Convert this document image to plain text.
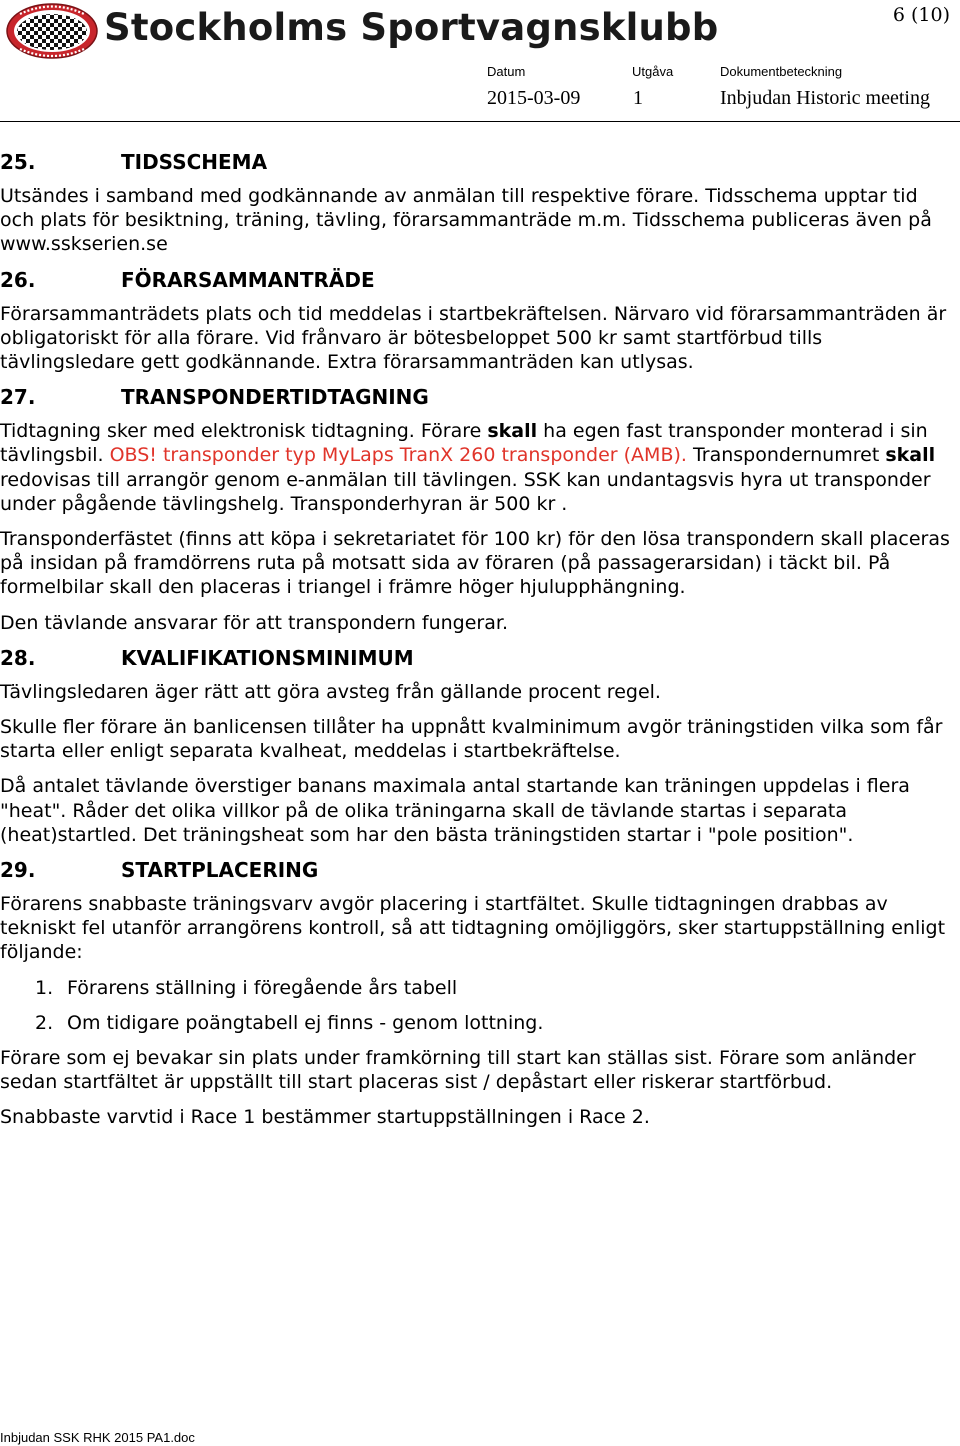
Stockholms Sportvagnsklubb	6 (10)
Datum	Utgåva	Dokumentbeteckning
2015-03-09	1	Inbjudan Historic meeting
25.	TIDSSCHEMA

Utsändes i samband med godkännande av anmälan till respektive förare. Tidsschema upptar tid och plats för besiktning, träning, tävling, förarsammanträde m.m. Tidsschema publiceras även på www.sskserien.se

26.	FÖRARSAMMANTRÄDE

Förarsammanträdets plats och tid meddelas i startbekräftelsen. Närvaro vid förarsammanträden är obligatoriskt för alla förare. Vid frånvaro är bötesbeloppet 500 kr samt startförbud tills tävlingsledare gett godkännande. Extra förarsammanträden kan utlysas.

27.	TRANSPONDERTIDTAGNING

Tidtagning sker med elektronisk tidtagning. Förare skall ha egen fast transponder monterad i sin tävlingsbil. OBS! transponder typ MyLaps TranX 260 transponder (AMB). Transpondernumret skall redovisas till arrangör genom e-anmälan till tävlingen. SSK kan undantagsvis hyra ut transponder under pågående tävlingshelg. Transponderhyran är 500 kr .

Transponderfästet (finns att köpa i sekretariatet för 100 kr) för den lösa transpondern skall placeras på insidan på framdörrens ruta på motsatt sida av föraren (på passagerarsidan) i täckt bil. På formelbilar skall den placeras i triangel i främre höger hjulupphängning.

Den tävlande ansvarar för att transpondern fungerar.

28.	KVALIFIKATIONSMINIMUM

Tävlingsledaren äger rätt att göra avsteg från gällande procent regel.

Skulle fler förare än banlicensen tillåter ha uppnått kvalminimum avgör träningstiden vilka som får starta eller enligt separata kvalheat, meddelas i startbekräftelse.

Då antalet tävlande överstiger banans maximala antal startande kan träningen uppdelas i flera "heat". Råder det olika villkor på de olika träningarna skall de tävlande startas i separata (heat)startled. Det träningsheat som har den bästa träningstiden startar i "pole position".

29.	STARTPLACERING

Förarens snabbaste träningsvarv avgör placering i startfältet. Skulle tidtagningen drabbas av tekniskt fel utanför arrangörens kontroll, så att tidtagning omöjliggörs, sker startuppställning enligt följande:

1. Förarens ställning i föregående års tabell
2. Om tidigare poängtabell ej finns - genom lottning.

Förare som ej bevakar sin plats under framkörning till start kan ställas sist. Förare som anländer sedan startfältet är uppställt till start placeras sist / depåstart eller riskerar startförbud.

Snabbaste varvtid i Race 1 bestämmer startuppställningen i Race 2.

Inbjudan SSK RHK 2015 PA1.doc
